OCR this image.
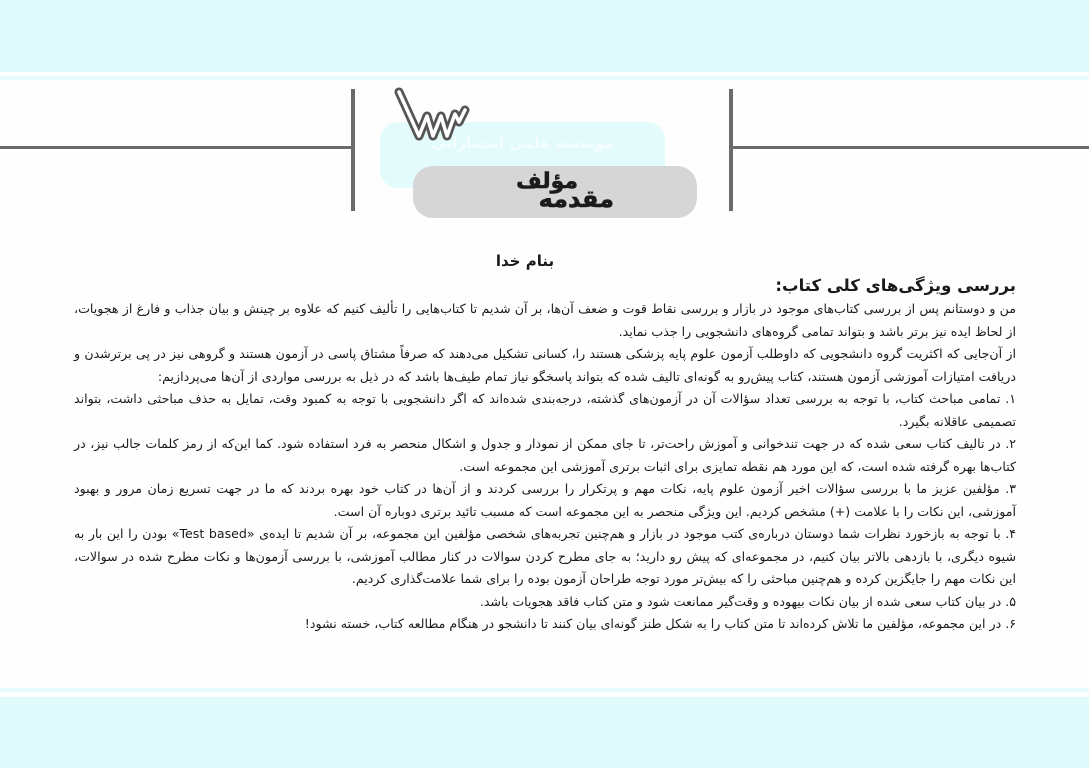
موسسه علمی انتشاراتی
مؤلف
مقدمه
بنام خدا
بررسی ویژگی‌های کلی کتاب:

من و دوستانم پس از بررسی کتاب‌های موجود در بازار و بررسی نقاط قوت و ضعف آن‌ها، بر آن شدیم تا کتاب‌هایی را تألیف کنیم که علاوه بر چینش و بیان جذاب و فارغ از هجویات، از لحاظ ایده نیز برتر باشد و بتواند تمامی گروه‌های دانشجویی را جذب نماید.

از آن‌جایی که اکثریت گروه دانشجویی که داوطلب آزمون علوم پایه پزشکی هستند را، کسانی تشکیل می‌دهند که صرفاً مشتاق پاسی در آزمون هستند و گروهی نیز در پی برترشدن و دریافت امتیازات آموزشی آزمون هستند، کتاب پیش‌رو به گونه‌ای تالیف شده که بتواند پاسخگو نیاز تمام طیف‌ها باشد که در ذیل به بررسی مواردی از آن‌ها می‌پردازیم:

۱. تمامی مباحث کتاب، با توجه به بررسی تعداد سؤالات آن در آزمون‌های گذشته، درجه‌بندی شده‌اند که اگر دانشجویی با توجه به کمبود وقت، تمایل به حذف مباحثی داشت، بتواند تصمیمی عاقلانه بگیرد.

۲. در تالیف کتاب سعی شده که در جهت تندخوانی و آموزش راحت‌تر، تا جای ممکن از نمودار و جدول و اشکال منحصر به فرد استفاده شود. کما این‌که از رمز کلمات جالب نیز، در کتاب‌ها بهره گرفته شده است، که این مورد هم نقطه تمایزی برای اثبات برتری آموزشی این مجموعه است.

۳. مؤلفین عزیز ما با بررسی سؤالات اخیر آزمون علوم پایه، نکات مهم و پرتکرار را بررسی کردند و از آن‌ها در کتاب خود بهره بردند که ما در جهت تسریع زمان مرور و بهبود آموزشی، این نکات را با علامت (+) مشخص کردیم. این ویژگی منحصر به این مجموعه است که مسبب تائید برتری دوباره آن است.

۴. با توجه به بازخورد نظرات شما دوستان درباره‌ی کتب موجود در بازار و هم‌چنین تجربه‌های شخصی مؤلفین این مجموعه، بر آن شدیم تا ایده‌ی «Test based» بودن را این بار به شیوه دیگری، با بازدهی بالاتر بیان کنیم، در مجموعه‌ای که پیش رو دارید؛ به جای مطرح کردن سوالات در کنار مطالب آموزشی، با بررسی آزمون‌ها و نکات مطرح شده در سوالات، این نکات مهم را جایگزین کرده و هم‌چنین مباحثی را که بیش‌تر مورد توجه طراحان آزمون بوده را برای شما علامت‌گذاری کردیم.

۵. در بیان کتاب سعی شده از بیان نکات بیهوده و وقت‌گیر ممانعت شود و متن کتاب فاقد هجویات باشد.

۶. در این مجموعه، مؤلفین ما تلاش کرده‌اند تا متن کتاب را به شکل طنز گونه‌ای بیان کنند تا دانشجو در هنگام مطالعه کتاب، خسته نشود!
